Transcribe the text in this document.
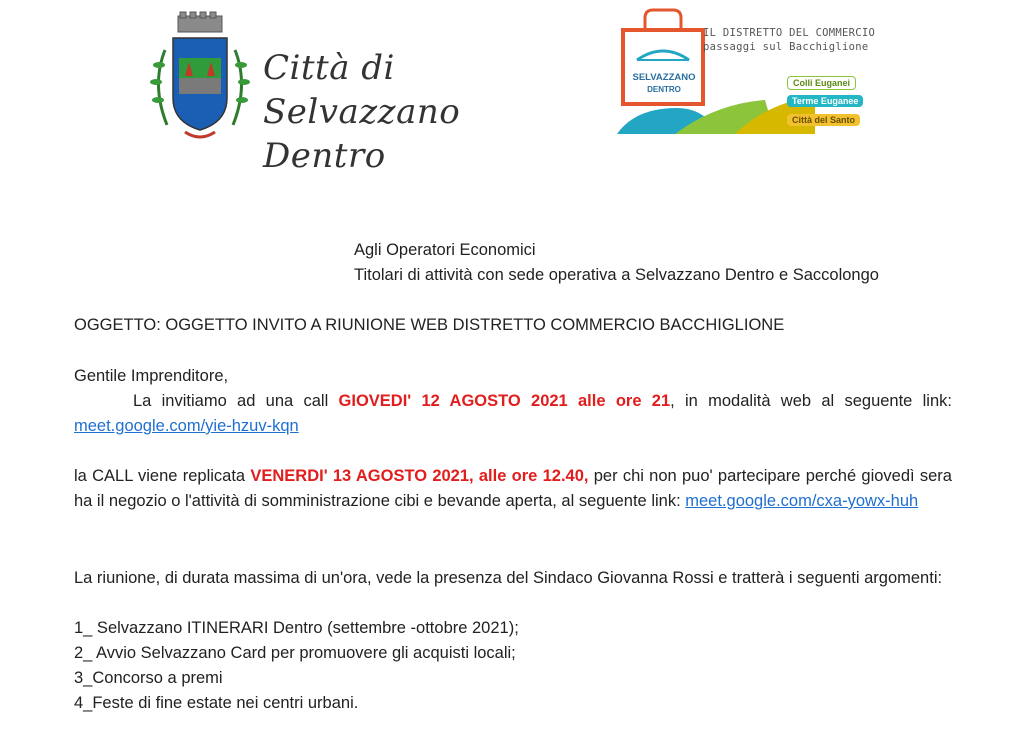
Città di
Selvazzano Dentro
IL DISTRETTO DEL COMMERCIO
passaggi sul Bacchiglione
SELVAZZANO
DENTRO
Colli Euganei
Terme Euganee
Città del Santo
Agli Operatori Economici
Titolari di attività con sede operativa a Selvazzano Dentro e Saccolongo
OGGETTO: OGGETTO INVITO A RIUNIONE WEB DISTRETTO COMMERCIO BACCHIGLIONE
Gentile Imprenditore,
La invitiamo ad una call GIOVEDI' 12 AGOSTO 2021 alle ore 21, in modalità web al seguente link: meet.google.com/yie-hzuv-kqn
la CALL viene replicata VENERDI' 13 AGOSTO 2021, alle ore 12.40, per chi non puo' partecipare perché giovedì sera ha il negozio o l'attività di somministrazione cibi e bevande aperta, al seguente link: meet.google.com/cxa-yowx-huh
La riunione, di durata massima di un'ora, vede la presenza del Sindaco Giovanna Rossi e tratterà i seguenti argomenti:
1_ Selvazzano ITINERARI Dentro (settembre -ottobre 2021);
2_ Avvio Selvazzano Card per promuovere gli acquisti locali;
3_Concorso a premi
4_Feste di fine estate nei centri urbani.
